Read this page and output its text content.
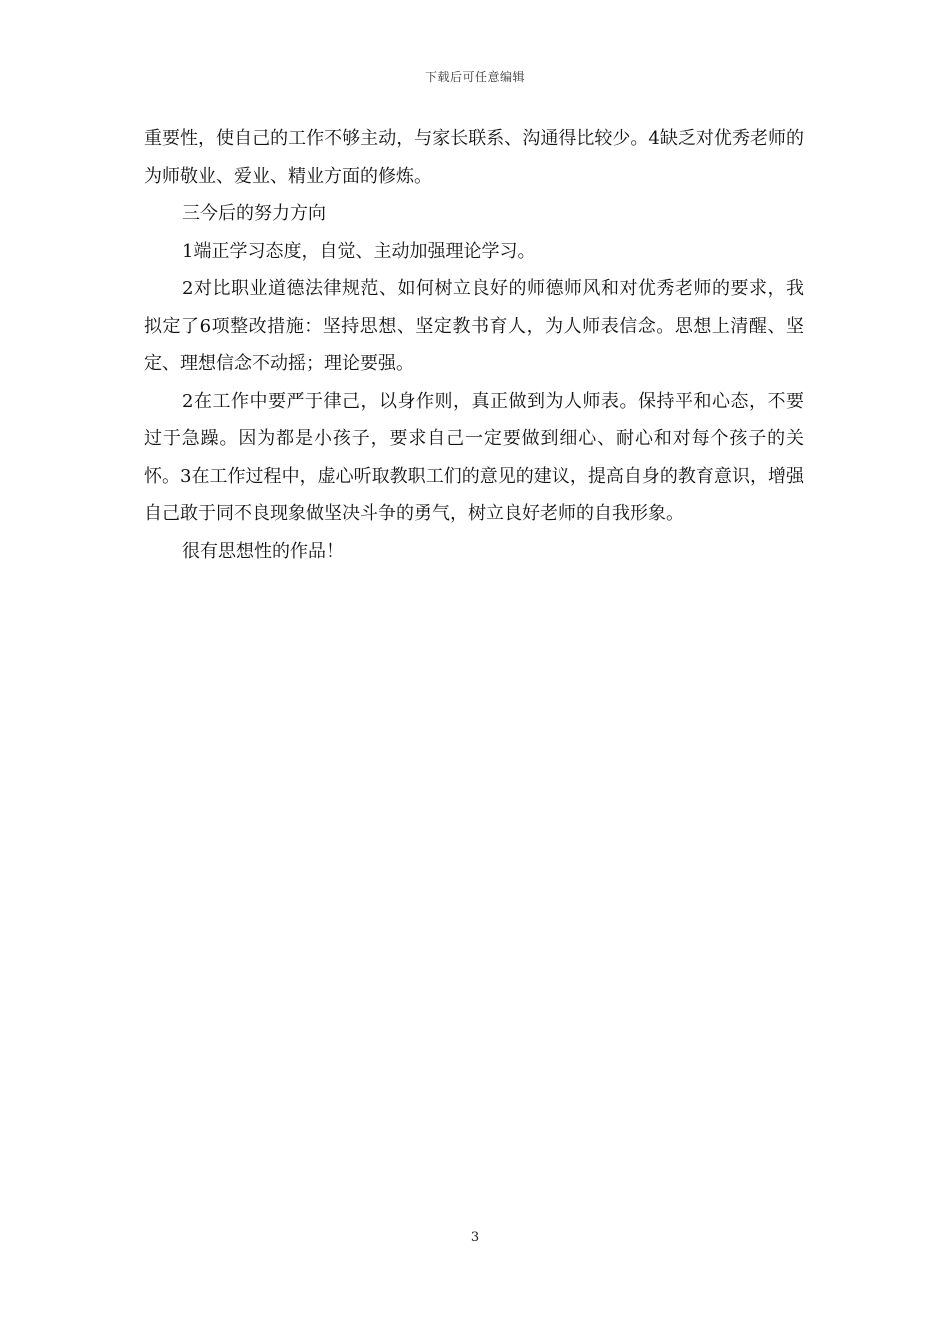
下载后可任意编辑

重要性，使自己的工作不够主动，与家长联系、沟通得比较少。4缺乏对优秀老师的为师敬业、爱业、精业方面的修炼。

三今后的努力方向

1端正学习态度，自觉、主动加强理论学习。

2对比职业道德法律规范、如何树立良好的师德师风和对优秀老师的要求，我拟定了6项整改措施：坚持思想、坚定教书育人，为人师表信念。思想上清醒、坚定、理想信念不动摇；理论要强。

2在工作中要严于律己，以身作则，真正做到为人师表。保持平和心态，不要过于急躁。因为都是小孩子，要求自己一定要做到细心、耐心和对每个孩子的关怀。3在工作过程中，虚心听取教职工们的意见的建议，提高自身的教育意识，增强自己敢于同不良现象做坚决斗争的勇气，树立良好老师的自我形象。

很有思想性的作品！

3
